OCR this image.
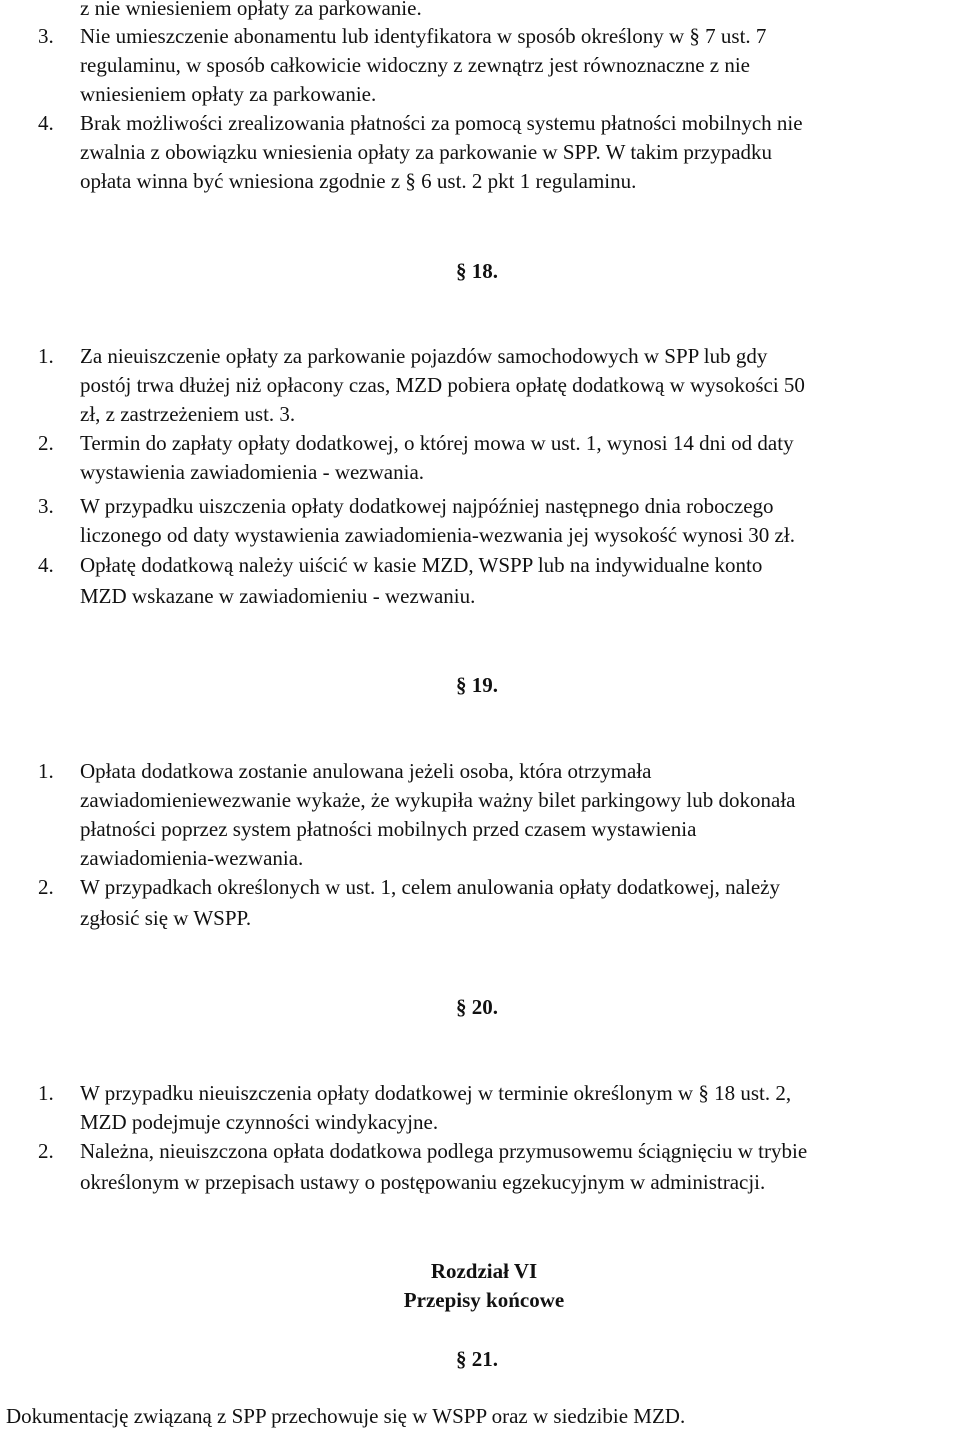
z nie wniesieniem opłaty za parkowanie.
3. Nie umieszczenie abonamentu lub identyfikatora w sposób określony w § 7 ust. 7
regulaminu, w sposób całkowicie widoczny z zewnątrz jest równoznaczne z nie
wniesieniem opłaty za parkowanie.
4. Brak możliwości zrealizowania płatności za pomocą systemu płatności mobilnych nie
zwalnia z obowiązku wniesienia opłaty za parkowanie w SPP. W takim przypadku
opłata winna być wniesiona zgodnie z § 6 ust. 2 pkt 1 regulaminu.
§ 18.
1. Za nieuiszczenie opłaty za parkowanie pojazdów samochodowych w SPP lub gdy
postój trwa dłużej niż opłacony czas, MZD pobiera opłatę dodatkową w wysokości 50
zł, z zastrzeżeniem ust. 3.
2. Termin do zapłaty opłaty dodatkowej, o której mowa w ust. 1, wynosi 14 dni od daty
wystawienia zawiadomienia - wezwania.
3. W przypadku uiszczenia opłaty dodatkowej najpóźniej następnego dnia roboczego
liczonego od daty wystawienia zawiadomienia-wezwania jej wysokość wynosi 30 zł.
4. Opłatę dodatkową należy uiścić w kasie MZD, WSPP lub na indywidualne konto
MZD wskazane w zawiadomieniu - wezwaniu.
§ 19.
1. Opłata dodatkowa zostanie anulowana jeżeli osoba, która otrzymała
zawiadomieniewezwanie wykaże, że wykupiła ważny bilet parkingowy lub dokonała
płatności poprzez system płatności mobilnych przed czasem wystawienia
zawiadomienia-wezwania.
2. W przypadkach określonych w ust. 1, celem anulowania opłaty dodatkowej, należy
zgłosić się w WSPP.
§ 20.
1. W przypadku nieuiszczenia opłaty dodatkowej w terminie określonym w § 18 ust. 2,
MZD podejmuje czynności windykacyjne.
2. Należna, nieuiszczona opłata dodatkowa podlega przymusowemu ściągnięciu w trybie
określonym w przepisach ustawy o postępowaniu egzekucyjnym w administracji.
Rozdział VI
Przepisy końcowe
§ 21.
Dokumentację związaną z SPP przechowuje się w WSPP oraz w siedzibie MZD.
